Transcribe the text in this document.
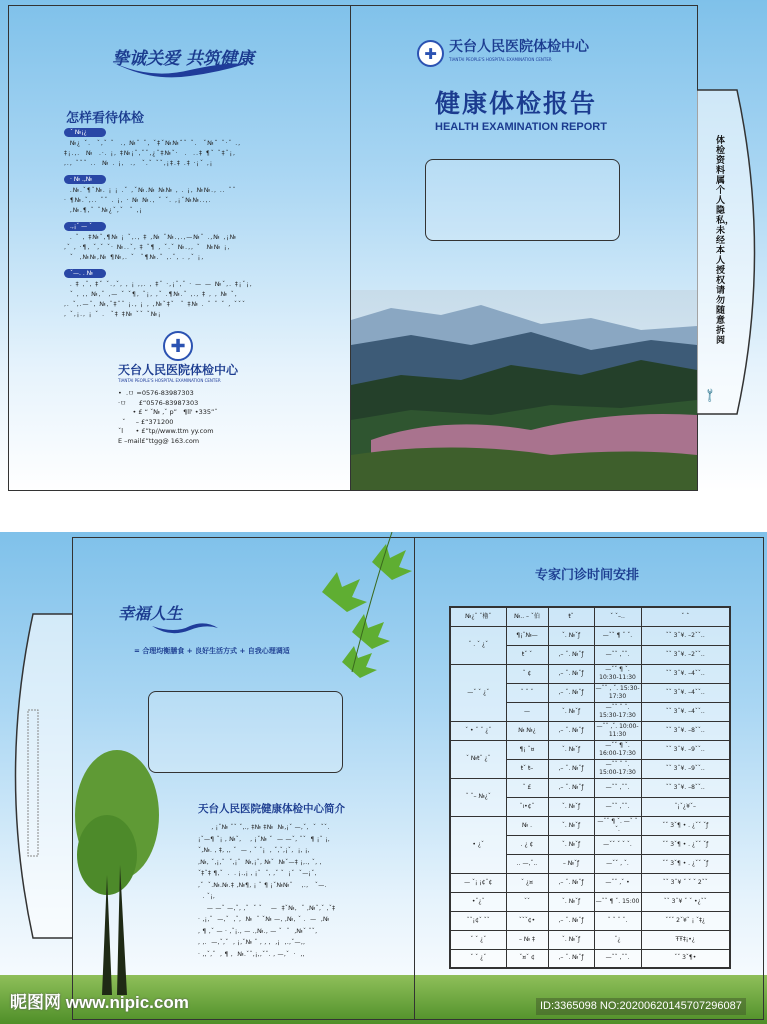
体检资料属个人隐私，未经本人授权请勿随意拆阅
🔧
挚诚关爱 共筑健康
怎样看待体检
ˇ №¡¿
№¿ ˇ.  ˇ‚ˇ ˇ  ., №ˇ ˇ‚ ˇ‡ˇ№№ˆˇ ˇ.  ˇ№ˆ ˇ·ˇ .‚
‡¡.‚.  №  .·. ¡‚ ‡№¡ˇ‚ˇˇ‚¿ˇ‡№ˇ·  .  ..‡ ¶ˇ ˇ‡ˇ¡‚
‚.‚ ˇˇˇ ..  № . ¡‚  .‚  ˇ.ˇ ˇˇ‚¡‡.‡ .‡ ·¡ˇ ‚¡
· № .‚№
.№.ˇ¶ˇ№. ¡ ¡ .ˇ ‚ˇ№.№ №№ ‚ . ¡‚ №№.‚ .. ˇˇ
· ¶№.ˇ‚.. ˇˇ . ¡‚ · № №.‚ ˇ ˇ. ‚¡ˇ№№..‚.
‚№.¶‚ˇ ˇ№¿ˇ‚ˇ  ˇ ‚¡
.‚¡ˇ — ˇ
. ˇ ‚ ‡№ˇ‚¶№ ¡ ˇ‚.‚ ‡ ‚№ ˇ№.‚.‚—№ˇ .‚№ ‚¡№
‚ˇ ‚ ·¶‚ ˇ‚ˇ ˇ· №..ˇ‚ ‡ ˇ¶ ‚ ˇ.ˇ №.‚‚ ˇ  №№ ¡‚
ˇ  ‚№№‚№ ¶№‚. ˇ  ˇ¶№.ˇ ‚.ˇ‚ . ‚ˇ ¡‚
ˇ—. . №
. ‡ ‚ˇ‚ ‡ˇ ˇ.‚ˇ‚ ‚ ¡ ‚‚. ‚ ‡ˇ ·‚¡ˇ‚ˇ · — — №ˇ‚. ‡¡ˇ¡‚
ˇ ‚ ‚‚ №‚ˇ ‚— ˇ ˇ¶‚ ˇ¡‚ ‚ˇ .¶№.ˇ ‚.‚ ‡ ‚ ‚ № ˇ‚
‚. ˇ‚.—ˇ‚ №‚ˇ‡ˇˇ ¡.‚ ¡ ‚ ‚№ˇ‡ˇ  ˇ ‡№ . ˇ ˇ ˇ ‚ ˇˇˇ
‚ ˇ‚¡.‚ ¡ ˇ .  ˇ‡ ‡№ ˇˇ ˇ№¡
✚
天台人民医院体检中心
TIANTAI PEOPLE'S HOSPITAL EXAMINATION CENTER
•  .ㅁ =0576-83987303
·ㅁ      £“0576-83987303
• £ “ ˇ№ ‚ˇ p”   ¶ll' •335”ˇ
ˇ     – £“371200
ˇl      • £”tp//www.ttm yy.com
E –mail£”ttgg@ 163.com
✚ 天台人民医院体检中心
TIANTAI PEOPLE'S HOSPITAL EXAMINATION CENTER
健康体检报告
HEALTH EXAMINATION REPORT
幸福人生
= 合理均衡膳食 + 良好生活方式 + 自我心理调适
天台人民医院健康体检中心简介
‚ ¡ˇ№ ˇˇ ˇ‚.‚ ‡№ ‡№  №‚¡ˇ —‚ˇ‚  ˇ  ˇˇ.
¡ˇ—¶ ˇ¡ ‚ №ˇ‚    ‚ ¡ˇ№ ˇ  — —ˇ‚ ˇˇ  ¶ ¡ˇ ¡‚
ˇ‚№. ‚ ‡‚ ‚‚ ˇ  — ‚ ˇ ˇ¡  ‚ ˇ‚ˇ‚¡ˇ‚  ¡‚ ¡‚
‚№‚ ˇ‚¡‚ˇ  ˇ‚¡ˇ  №‚¡ˇ‚ №ˇ  №ˇ—‡ ¡‚.‚ ˇ‚ ‚
ˇ‡ˇ‡ ¶‚ˇ  .  . ¡.‚¡ ‚ ¡ˇ  ˇ‚ ‚ˇ ˇ  ¡ˇ  ˇ—¡ˇ‚
‚ˇ  ˇ.№.№.‡ ‚№¶‚ ¡ ˇ ¶ ¡ˇ№№ˇ    ‚.‚   ˇ—.
. ˇ¡‚
— —ˇ —‚ˇ‚ ‚ˇ  ˇ ˇ    —  ‡ˇ№‚  ˇ ‚№ˇ‚ˇ ‚ˇ‡
· ‚¡‚ˇ  —‚ˇ  ‚ˇ‚  №  ˇ ˇ№ —‚ ‚№‚ ˇ .  —  ‚№
‚ ¶ ‚ˇ — · ‚ˇ¡.‚ — .‚№.‚ — ˇ  ˇ  ‚№ˇ ˇˇ‚
‚ ‚.  —‚ˇ‚ˇ  ‚ ¡‚ˇ№ ˇ ‚ ‚ ‚  ‚¡  ‚.‚ˇ—‚‚
· ‚‚ˇ‚ˇ  ‚ ¶ ‚  №.ˇˇ‚¡‚‚ˇˇ. ‚ —‚ˇ  ·  ‚‚
专家门诊时间安排
№¿ˇ ˇ櫓ˇ	№.. – ˇ伯	ŧˇ	ˇ ˇ–..	ˇ ˆ
ˇ . ˇ ¿ˇ	¶¡ˇ№—	ˇ. №ˇƒ	—ˇˇ ¶ ˇ ˇ.	ˇˇ 3ˇ¥. –2ˇˇ..
	ŧˇ ˇ	,– ˇ. №ˇƒ	—ˇˇ ‚ˇˇ.	ˇˇ 3ˇ¥. –2ˇˇ..
—ˇ ˇ ¿ˇ	ˇ ¢	,– ˇ. №ˇƒ	—ˇˇ ¶ ˇ. 10:30-11:30	ˇˇ 3ˇ¥. –4ˇˇ..
	ˇ ˇ ˇ	,– ˇ. №ˇƒ	—ˇˇ ‚ ˇ. 15:30-17:30	ˇˇ 3ˇ¥. –4ˇˇ..
	—	ˇ. №ˇƒ	—ˇˇ ˇ ˇ. 15:30-17:30	ˇˇ 3ˇ¥. –4ˇˇ..
ˇ • ˇ ˇ ¿ˇ	№ №¿	,– ˇ. №ˇƒ	—ˇˇ ‚ˇ. 10:00-11:30	ˇˇ 3ˇ¥. –8ˇˇ..
ˇ №ŧˇ ¿ˇ	¶¡ ˇ¤	ˇ. №ˇƒ	—ˇˇ ¶ ˇ. 16:00-17:30	ˇˇ 3ˇ¥. –9ˇˇ..
	ŧˇ ŧ–	,– ˇ. №ˇƒ	—ˇˇ ˇ ˇ. 15:00-17:30	ˇˇ 3ˇ¥. –9ˇˇ..
ˇ ˇ– №¿ˇ	ˇ £	,– ˇ. №ˇƒ	—ˇˇ ‚ˇˇ.	ˇˇ 3ˇ¥. –8ˇˇ..
	ˇı•¢ˇ	ˇ. №ˇƒ	—ˇˇ ‚ˇˇ.	ˇ¡ˇ¿¥ˇ–
• ¿ˇ	№ .	ˇ. №ˇƒ	—ˇˇ ¶ ˇ. —ˇ ˇ ˇ.	ˇˇ 3ˇ¶ • . ¿ˇˇ ˇƒ
	. ¿ ¢	ˇ. №ˇƒ	—ˇˇ ˇ ˇ ˇ.	ˇˇ 3ˇ¶ • . ¿ˇˇ ˇƒ
	.. —‚ˇ..	– №ˇƒ	—ˇˇ ‚ ˇ.	ˇˇ 3ˇ¶ • . ¿ˇˇ ˇƒ
— ˇ¡ ¡¢ˇ¢	ˇ ¿¤	,– ˇ. №ˇƒ	—ˇˇ ‚ˇ •	ˇˇ 3ˇ¥ ˇ ˇ ˇ 2ˇˇ
•ˇ¿ˇ	ˇˇ	ˇ. №ˇƒ	—ˇˇ ¶ ˇ. 15:00	ˇˇ 3ˇ¥ ˇ ˇ •¿ˇˇ
ˇˇ¡¢ˇ ˇˇ	ˇˇˇ¢•	,– ˇ. №ˇƒ	ˇ ˇ ˇ ˇ.	ˇˇˇ 2ˇ¥ˇ ¡ ˇ‡¿
ˇ ˇ ¿ˇ	– № ‡	ˇ. №ˇƒ	ˇ¿	ŦŦ‡¡•¿
ˇ ˇ ¿ˇ	ˇ¤ˇ ¢	,– ˇ. №ˇƒ	—ˇˇ ‚ˇˇ.	ˇˇ 3ˇ¶•
昵图网 www.nipic.com	ID:3365098 NO:20200620145707296087
